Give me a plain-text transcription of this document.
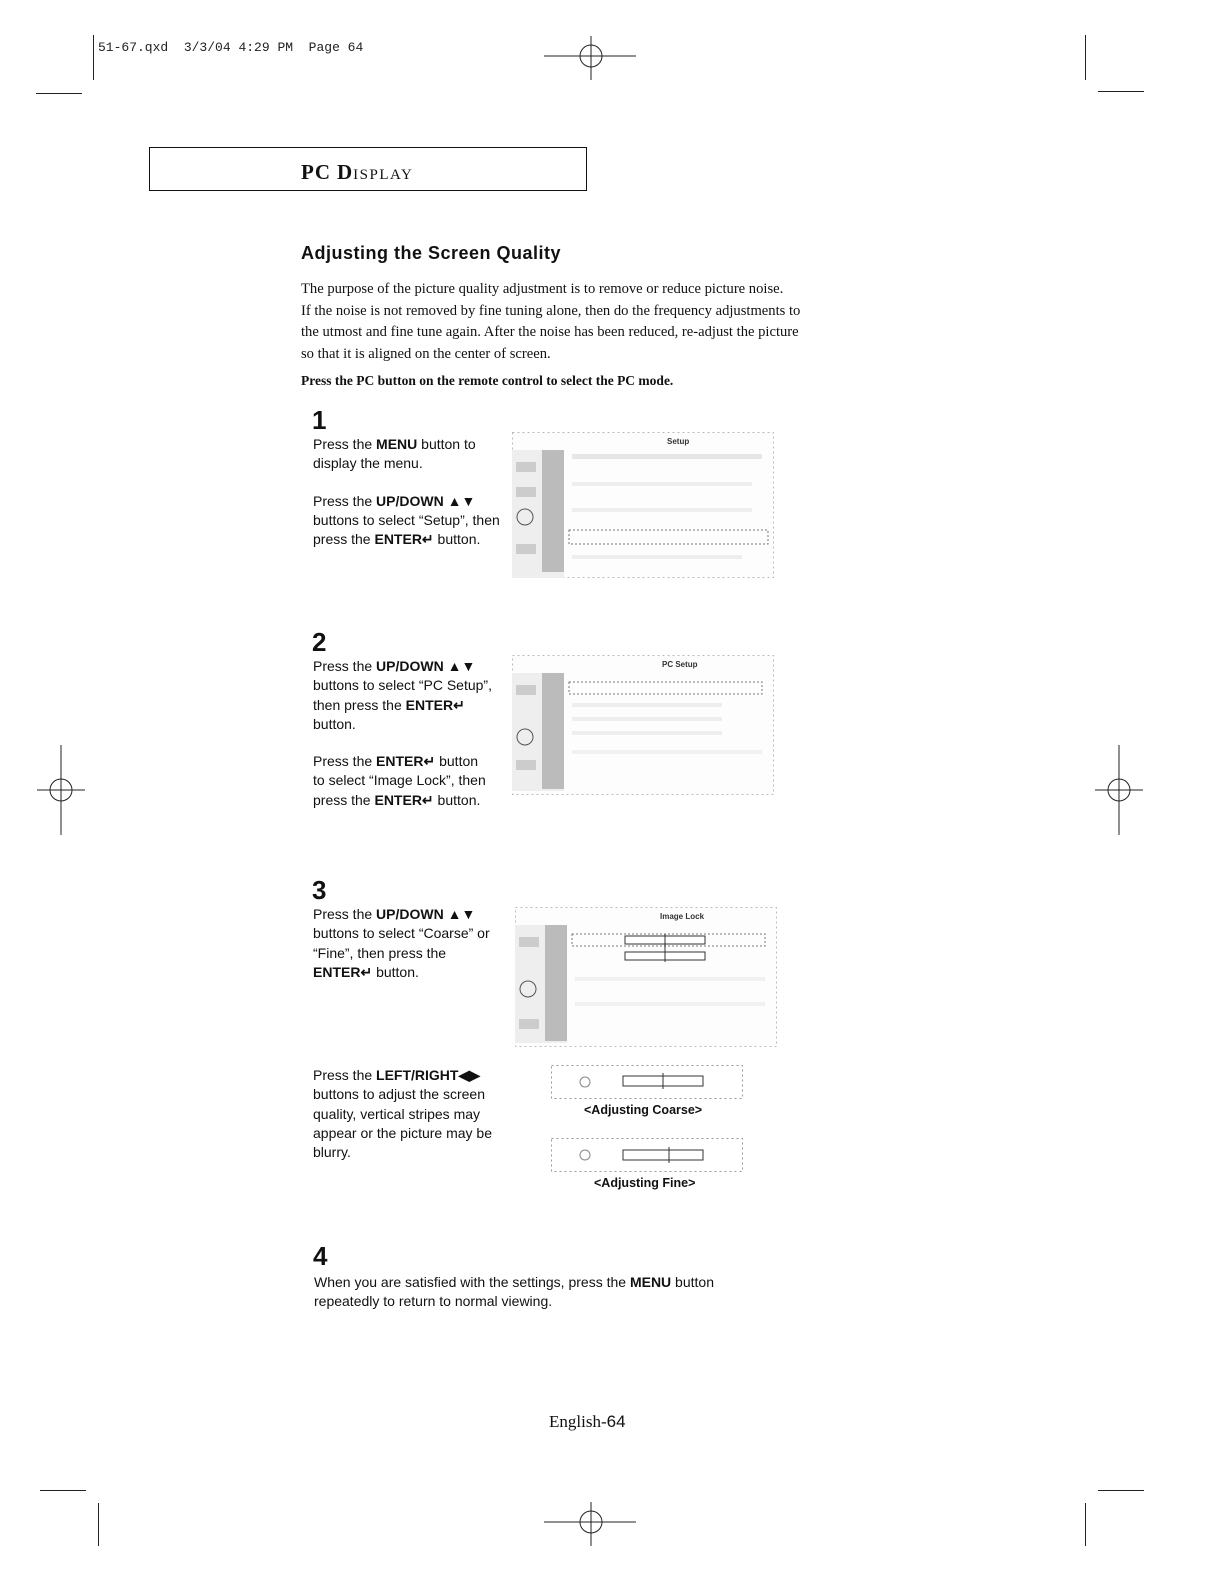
51-67.qxd 3/3/04 4:29 PM Page 64
PC DISPLAY
Adjusting the Screen Quality
The purpose of the picture quality adjustment is to remove or reduce picture noise.
If the noise is not removed by fine tuning alone, then do the frequency adjustments to
the utmost and fine tune again. After the noise has been reduced, re-adjust the picture
so that it is aligned on the center of screen.
Press the PC button on the remote control to select the PC mode.
1

Press the MENU button to display the menu.

Press the UP/DOWN ▲▼ buttons to select “Setup”, then press the ENTER↵ button.

Setup
2

Press the UP/DOWN ▲▼ buttons to select “PC Setup”, then press the ENTER↵ button.

Press the ENTER↵ button to select “Image Lock”, then press the ENTER↵ button.

PC Setup
3

Press the UP/DOWN ▲▼ buttons to select “Coarse” or “Fine”, then press the ENTER↵ button.

Press the LEFT/RIGHT◀▶ buttons to adjust the screen quality, vertical stripes may appear or the picture may be blurry.

Image Lock
<Adjusting Coarse>
<Adjusting Fine>
4

When you are satisfied with the settings, press the MENU button repeatedly to return to normal viewing.

English-64
